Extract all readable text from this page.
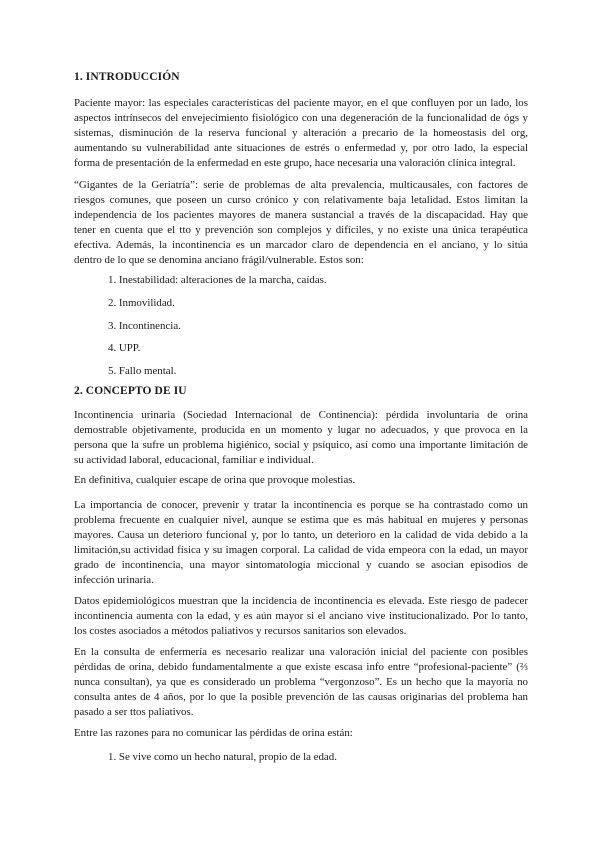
1. INTRODUCCIÓN
Paciente mayor: las especiales características del paciente mayor, en el que confluyen por un lado, los
aspectos intrínsecos del envejecimiento fisiológico con una degeneración de la funcionalidad de ógs y
sistemas, disminución de la reserva funcional y alteración a precario de la homeostasis del org,
aumentando su vulnerabilidad ante situaciones de estrés o enfermedad y, por otro lado, la especial
forma de presentación de la enfermedad en este grupo, hace necesaria una valoración clínica integral.
“Gigantes de la Geriatría”: serie de problemas de alta prevalencia, multicausales, con factores de
riesgos comunes, que poseen un curso crónico y con relativamente baja letalidad. Estos limitan la
independencia de los pacientes mayores de manera sustancial a través de la discapacidad. Hay que
tener en cuenta que el tto y prevención son complejos y difíciles, y no existe una única terapéutica
efectiva. Además, la incontinencia es un marcador claro de dependencia en el anciano, y lo sitúa
dentro de lo que se denomina anciano frágil/vulnerable. Estos son:
1. Inestabilidad: alteraciones de la marcha, caídas.
2. Inmovilidad.
3. Incontinencia.
4. UPP.
5. Fallo mental.
2. CONCEPTO DE IU
Incontinencia urinaria (Sociedad Internacional de Continencia): pérdida involuntaria de orina
demostrable objetivamente, producida en un momento y lugar no adecuados, y que provoca en la
persona que la sufre un problema higiénico, social y psíquico, así como una importante limitación de
su actividad laboral, educacional, familiar e individual.
En definitiva, cualquier escape de orina que provoque molestias.
La importancia de conocer, prevenir y tratar la incontinencia es porque se ha contrastado como un
problema frecuente en cualquier nivel, aunque se estima que es más habitual en mujeres y personas
mayores. Causa un deterioro funcional y, por lo tanto, un deterioro en la calidad de vida debido a la
limitación,su actividad física y su imagen corporal. La calidad de vida empeora con la edad, un mayor
grado de incontinencia, una mayor sintomatología miccional y cuando se asocian episodios de
infección urinaria.
Datos epidemiológicos muestran que la incidencia de incontinencia es elevada. Este riesgo de padecer
incontinencia aumenta con la edad, y es aún mayor si el anciano vive institucionalizado. Por lo tanto,
los costes asociados a métodos paliativos y recursos sanitarios son elevados.
En la consulta de enfermería es necesario realizar una valoración inicial del paciente con posibles
pérdidas de orina, debido fundamentalmente a que existe escasa info entre “profesional-paciente” (⅔
nunca consultan), ya que es considerado un problema “vergonzoso”. Es un hecho que la mayoría no
consulta antes de 4 años, por lo que la posible prevención de las causas originarias del problema han
pasado a ser ttos paliativos.
Entre las razones para no comunicar las pérdidas de orina están:
1. Se vive como un hecho natural, propio de la edad.
